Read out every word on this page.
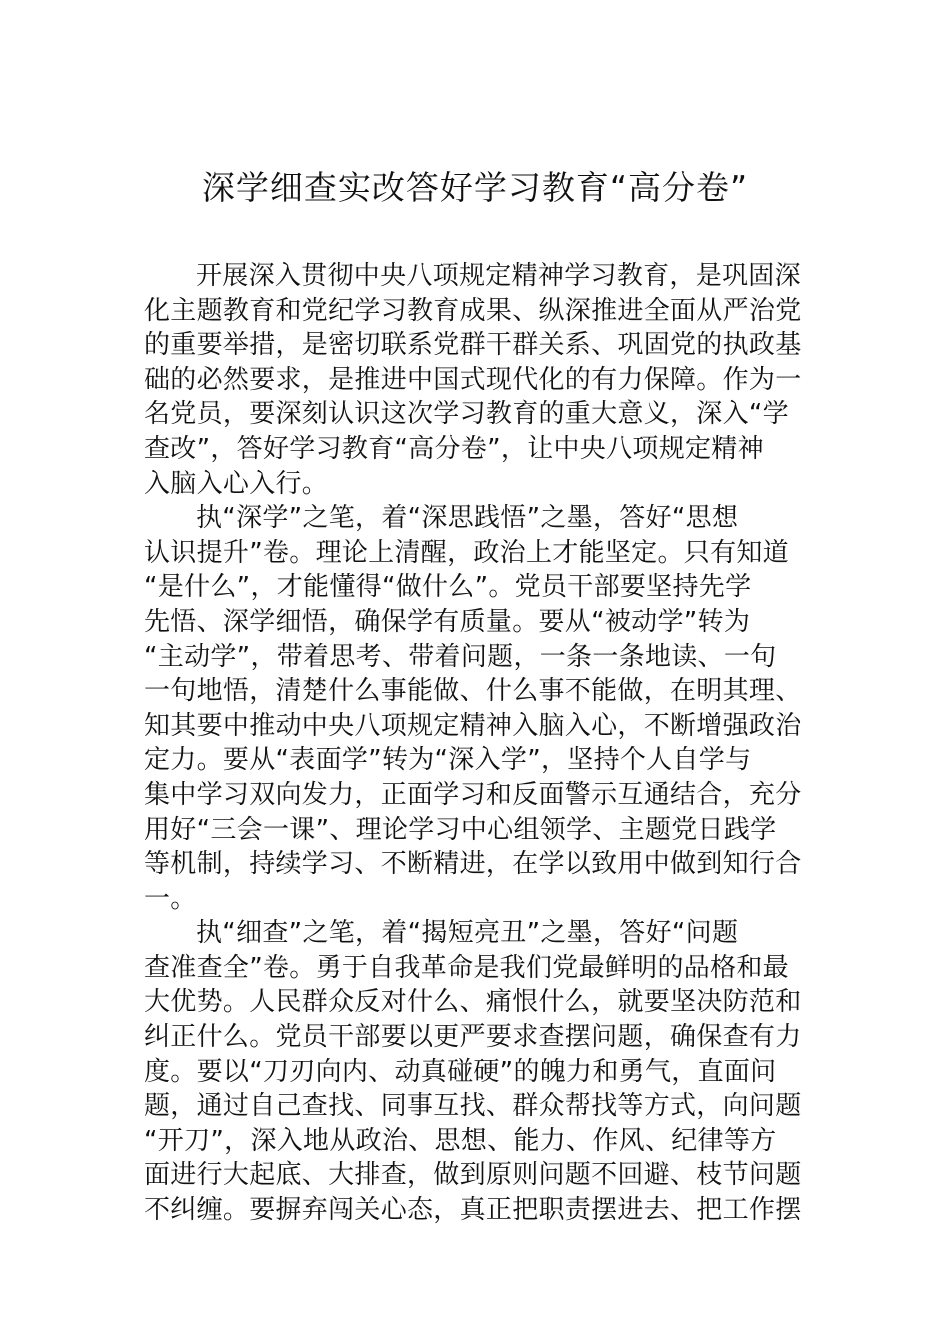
深学细查实改答好学习教育“高分卷”
开展深入贯彻中央八项规定精神学习教育，是巩固深
化主题教育和党纪学习教育成果、纵深推进全面从严治党
的重要举措，是密切联系党群干群关系、巩固党的执政基
础的必然要求，是推进中国式现代化的有力保障。作为一
名党员，要深刻认识这次学习教育的重大意义，深入“学
查改”，答好学习教育“高分卷”，让中央八项规定精神
入脑入心入行。
执“深学”之笔，着“深思践悟”之墨，答好“思想
认识提升”卷。理论上清醒，政治上才能坚定。只有知道
“是什么”，才能懂得“做什么”。党员干部要坚持先学
先悟、深学细悟，确保学有质量。要从“被动学”转为
“主动学”，带着思考、带着问题，一条一条地读、一句
一句地悟，清楚什么事能做、什么事不能做，在明其理、
知其要中推动中央八项规定精神入脑入心，不断增强政治
定力。要从“表面学”转为“深入学”，坚持个人自学与
集中学习双向发力，正面学习和反面警示互通结合，充分
用好“三会一课”、理论学习中心组领学、主题党日践学
等机制，持续学习、不断精进，在学以致用中做到知行合
一。
执“细查”之笔，着“揭短亮丑”之墨，答好“问题
查准查全”卷。勇于自我革命是我们党最鲜明的品格和最
大优势。人民群众反对什么、痛恨什么，就要坚决防范和
纠正什么。党员干部要以更严要求查摆问题，确保查有力
度。要以“刀刃向内、动真碰硬”的魄力和勇气，直面问
题，通过自己查找、同事互找、群众帮找等方式，向问题
“开刀”，深入地从政治、思想、能力、作风、纪律等方
面进行大起底、大排查，做到原则问题不回避、枝节问题
不纠缠。要摒弃闯关心态，真正把职责摆进去、把工作摆
